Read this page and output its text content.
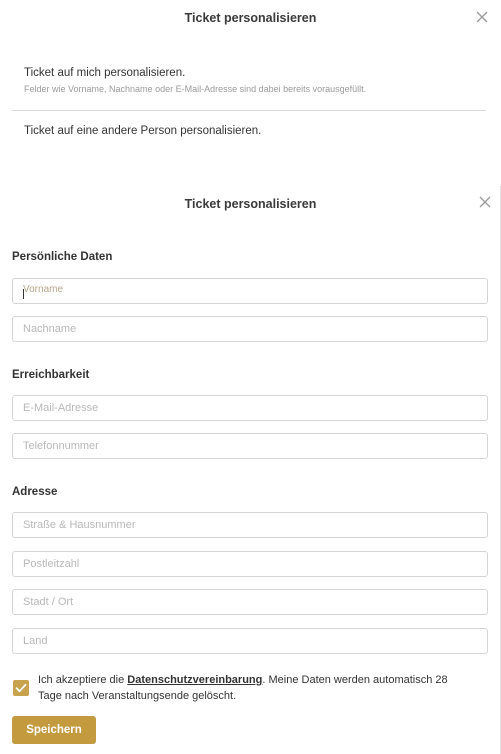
Ticket personalisieren
Ticket auf mich personalisieren.
Felder wie Vorname, Nachname oder E-Mail-Adresse sind dabei bereits vorausgefüllt.
Ticket auf eine andere Person personalisieren.
Ticket personalisieren
Persönliche Daten
Vorname
Nachname
Erreichbarkeit
E-Mail-Adresse
Telefonnummer
Adresse
Straße & Hausnummer
Postleitzahl
Stadt / Ort
Land
Ich akzeptiere die Datenschutzvereinbarung. Meine Daten werden automatisch 28 Tage nach Veranstaltungsende gelöscht.
Speichern
